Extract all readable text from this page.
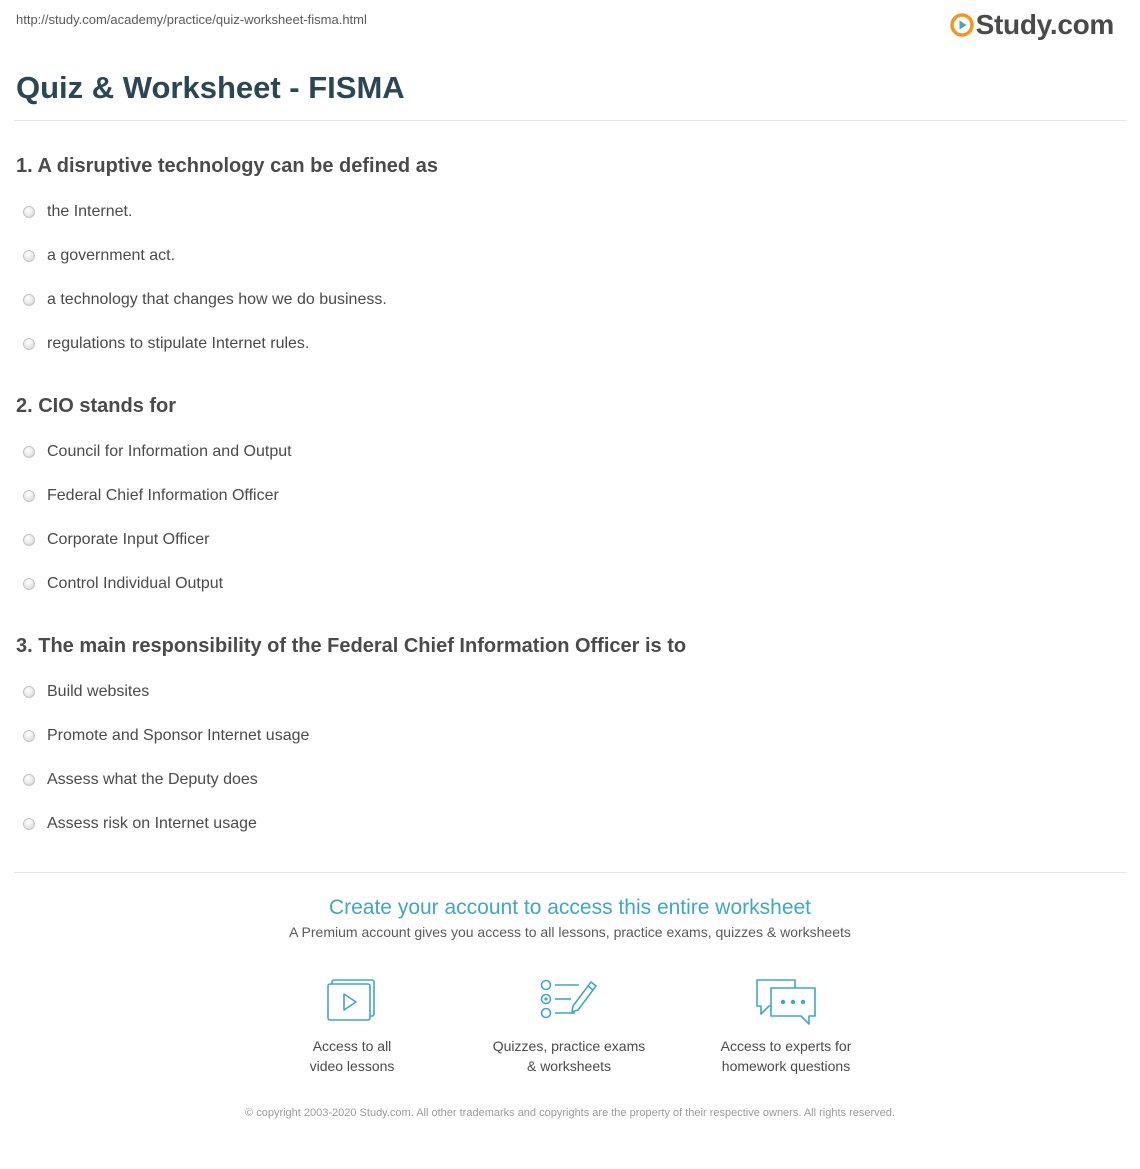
http://study.com/academy/practice/quiz-worksheet-fisma.html	Study.com
Quiz & Worksheet - FISMA
1. A disruptive technology can be defined as
the Internet.
a government act.
a technology that changes how we do business.
regulations to stipulate Internet rules.
2. CIO stands for
Council for Information and Output
Federal Chief Information Officer
Corporate Input Officer
Control Individual Output
3. The main responsibility of the Federal Chief Information Officer is to
Build websites
Promote and Sponsor Internet usage
Assess what the Deputy does
Assess risk on Internet usage
Create your account to access this entire worksheet
A Premium account gives you access to all lessons, practice exams, quizzes & worksheets
Access to all
video lessons
Quizzes, practice exams
& worksheets
Access to experts for
homework questions
© copyright 2003-2020 Study.com. All other trademarks and copyrights are the property of their respective owners. All rights reserved.
